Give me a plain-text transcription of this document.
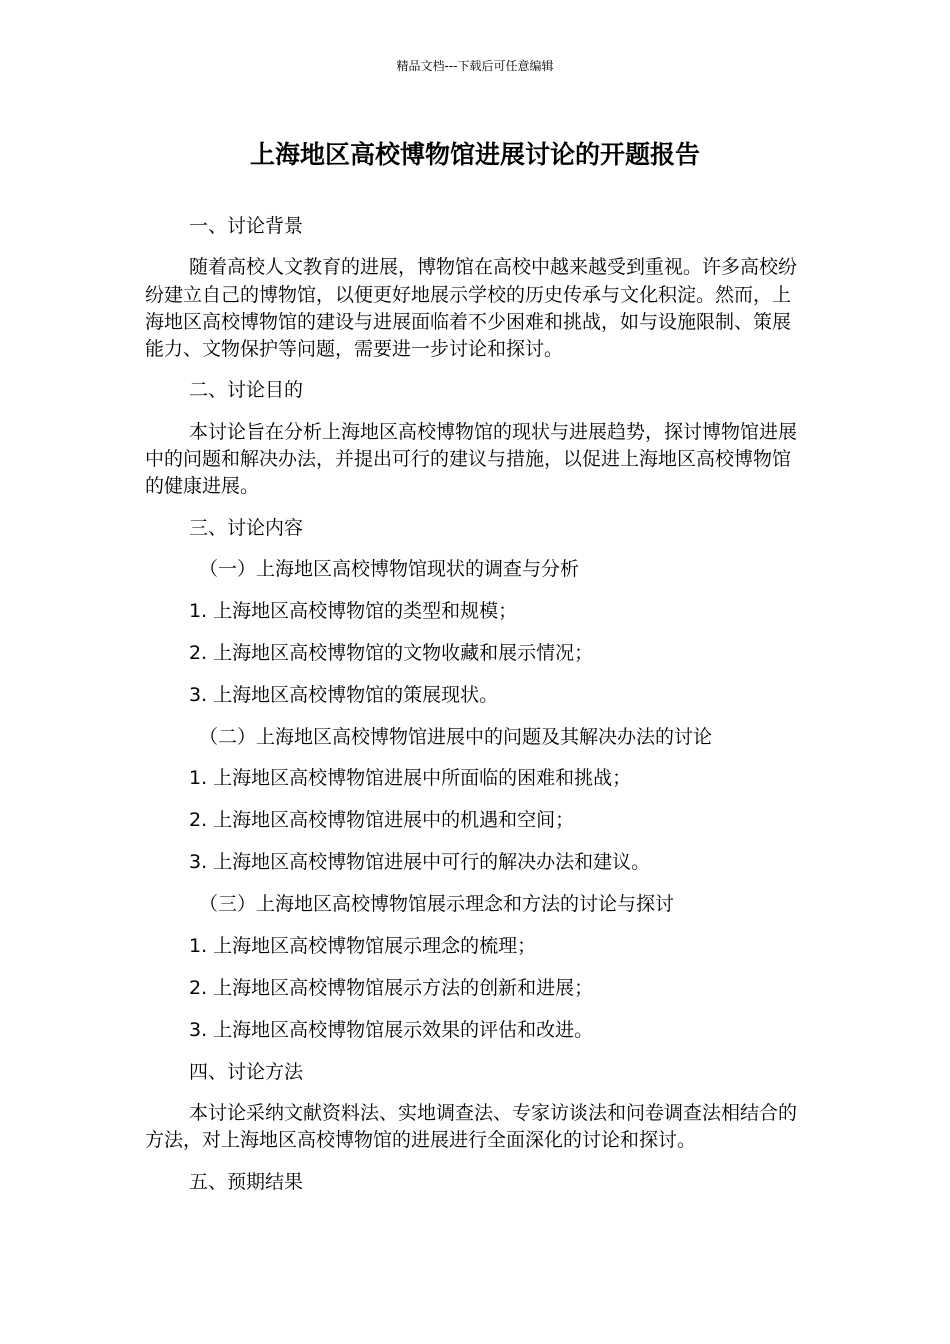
精品文档---下载后可任意编辑
上海地区高校博物馆进展讨论的开题报告

一、讨论背景

随着高校人文教育的进展，博物馆在高校中越来越受到重视。许多高校纷纷建立自己的博物馆，以便更好地展示学校的历史传承与文化积淀。然而，上海地区高校博物馆的建设与进展面临着不少困难和挑战，如与设施限制、策展能力、文物保护等问题，需要进一步讨论和探讨。

二、讨论目的

本讨论旨在分析上海地区高校博物馆的现状与进展趋势，探讨博物馆进展中的问题和解决办法，并提出可行的建议与措施，以促进上海地区高校博物馆的健康进展。

三、讨论内容

（一）上海地区高校博物馆现状的调查与分析

1. 上海地区高校博物馆的类型和规模；

2. 上海地区高校博物馆的文物收藏和展示情况；

3. 上海地区高校博物馆的策展现状。

（二）上海地区高校博物馆进展中的问题及其解决办法的讨论

1. 上海地区高校博物馆进展中所面临的困难和挑战；

2. 上海地区高校博物馆进展中的机遇和空间；

3. 上海地区高校博物馆进展中可行的解决办法和建议。

（三）上海地区高校博物馆展示理念和方法的讨论与探讨

1. 上海地区高校博物馆展示理念的梳理；

2. 上海地区高校博物馆展示方法的创新和进展；

3. 上海地区高校博物馆展示效果的评估和改进。

四、讨论方法

本讨论采纳文献资料法、实地调查法、专家访谈法和问卷调查法相结合的方法，对上海地区高校博物馆的进展进行全面深化的讨论和探讨。

五、预期结果
